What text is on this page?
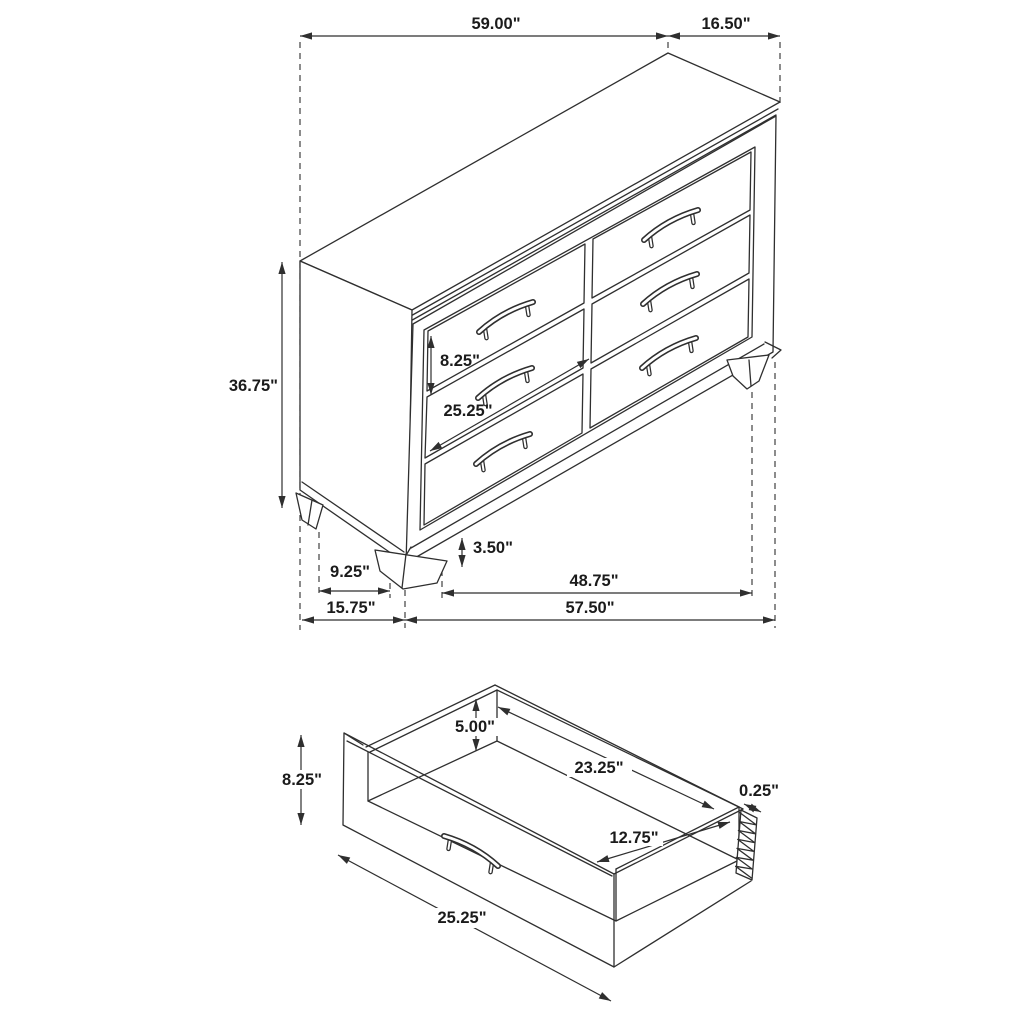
59.00"	16.50"
36.75"
8.25"
25.25"
3.50"
9.25"	48.75"
15.75"	57.50"
8.25"
5.00"
23.25"
0.25"
12.75"
25.25"
